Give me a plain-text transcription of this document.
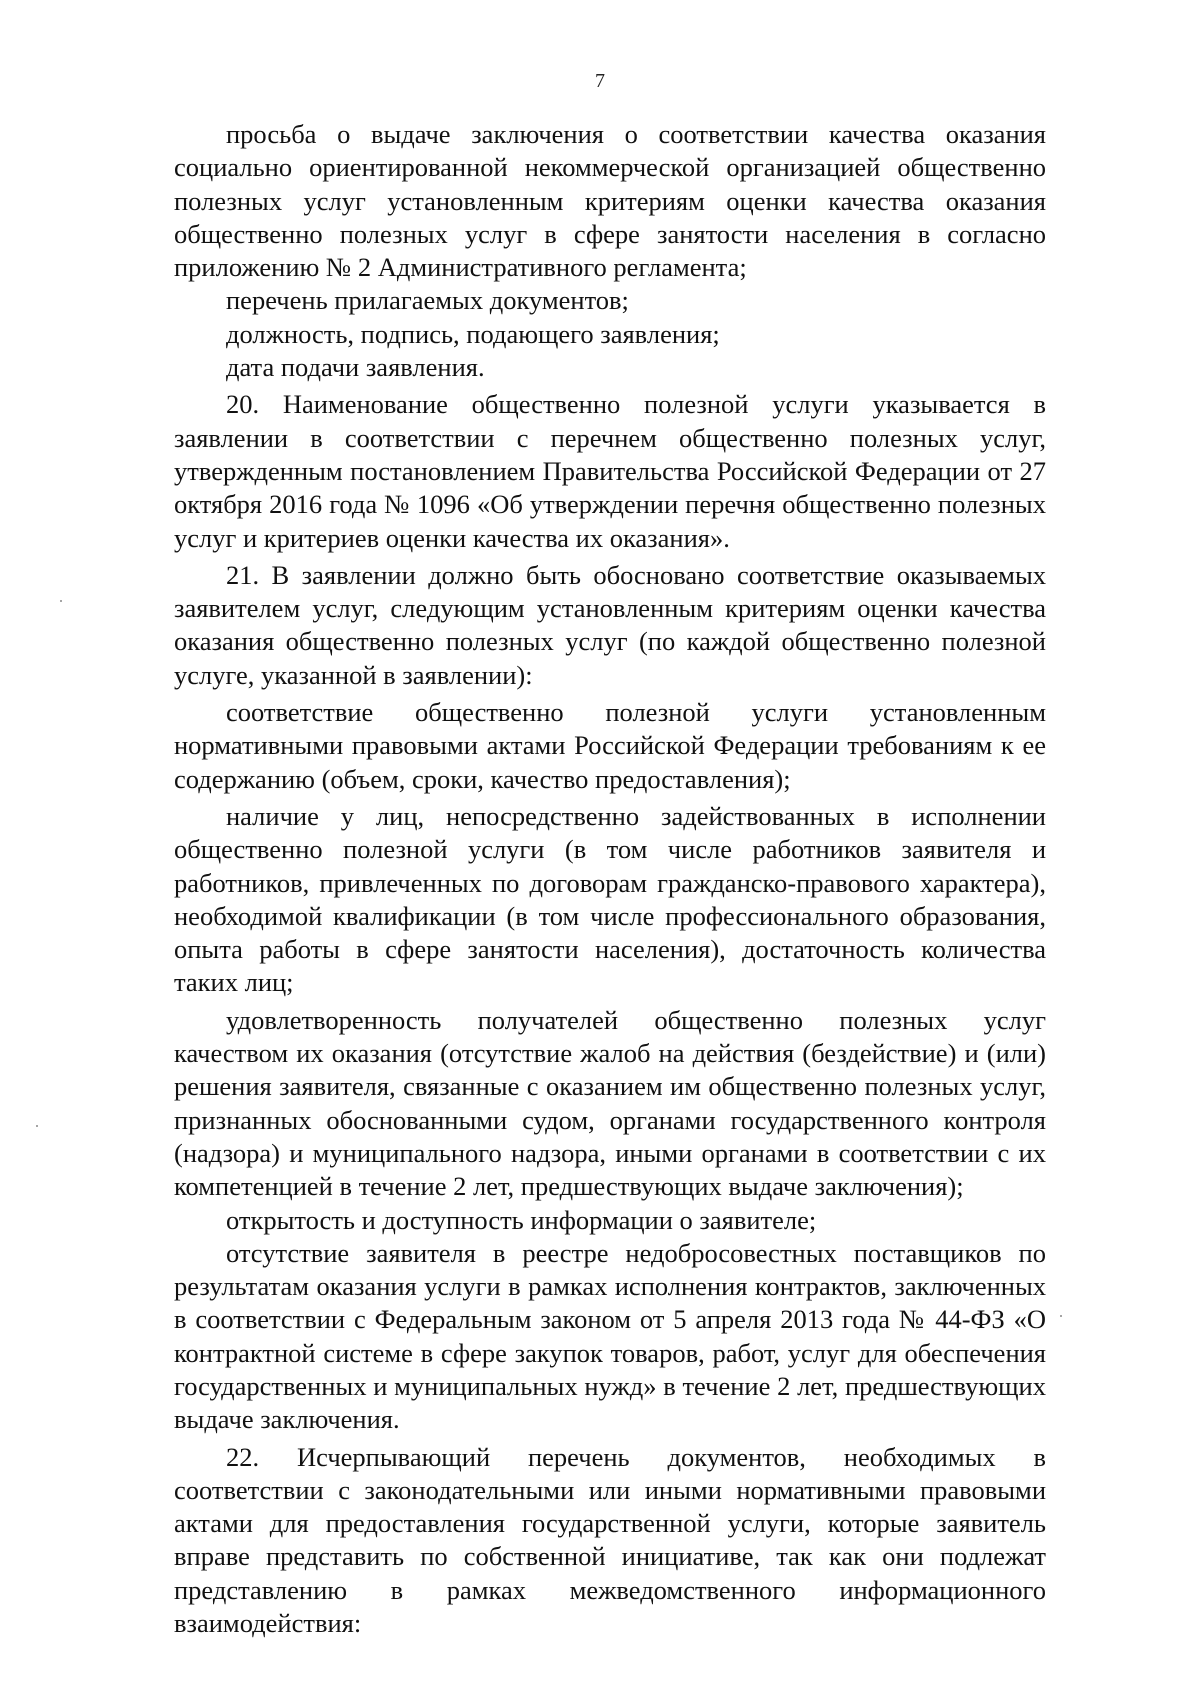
7

просьба о выдаче заключения о соответствии качества оказания социально ориентированной некоммерческой организацией общественно полезных услуг установленным критериям оценки качества оказания общественно полезных услуг в сфере занятости населения в согласно приложению № 2 Административного регламента;

перечень прилагаемых документов;

должность, подпись, подающего заявления;

дата подачи заявления.

20. Наименование общественно полезной услуги указывается в заявлении в соответствии с перечнем общественно полезных услуг, утвержденным постановлением Правительства Российской Федерации от 27 октября 2016 года № 1096 «Об утверждении перечня общественно полезных услуг и критериев оценки качества их оказания».

21. В заявлении должно быть обосновано соответствие оказываемых заявителем услуг, следующим установленным критериям оценки качества оказания общественно полезных услуг (по каждой общественно полезной услуге, указанной в заявлении):

соответствие общественно полезной услуги установленным нормативными правовыми актами Российской Федерации требованиям к ее содержанию (объем, сроки, качество предоставления);

наличие у лиц, непосредственно задействованных в исполнении общественно полезной услуги (в том числе работников заявителя и работников, привлеченных по договорам гражданско-правового характера), необходимой квалификации (в том числе профессионального образования, опыта работы в сфере занятости населения), достаточность количества таких лиц;

удовлетворенность получателей общественно полезных услуг качеством их оказания (отсутствие жалоб на действия (бездействие) и (или) решения заявителя, связанные с оказанием им общественно полезных услуг, признанных обоснованными судом, органами государственного контроля (надзора) и муниципального надзора, иными органами в соответствии с их компетенцией в течение 2 лет, предшествующих выдаче заключения);

открытость и доступность информации о заявителе;

отсутствие заявителя в реестре недобросовестных поставщиков по результатам оказания услуги в рамках исполнения контрактов, заключенных в соответствии с Федеральным законом от 5 апреля 2013 года № 44-ФЗ «О контрактной системе в сфере закупок товаров, работ, услуг для обеспечения государственных и муниципальных нужд» в течение 2 лет, предшествующих выдаче заключения.

22. Исчерпывающий перечень документов, необходимых в соответствии с законодательными или иными нормативными правовыми актами для предоставления государственной услуги, которые заявитель вправе представить по собственной инициативе, так как они подлежат представлению в рамках межведомственного информационного взаимодействия:
